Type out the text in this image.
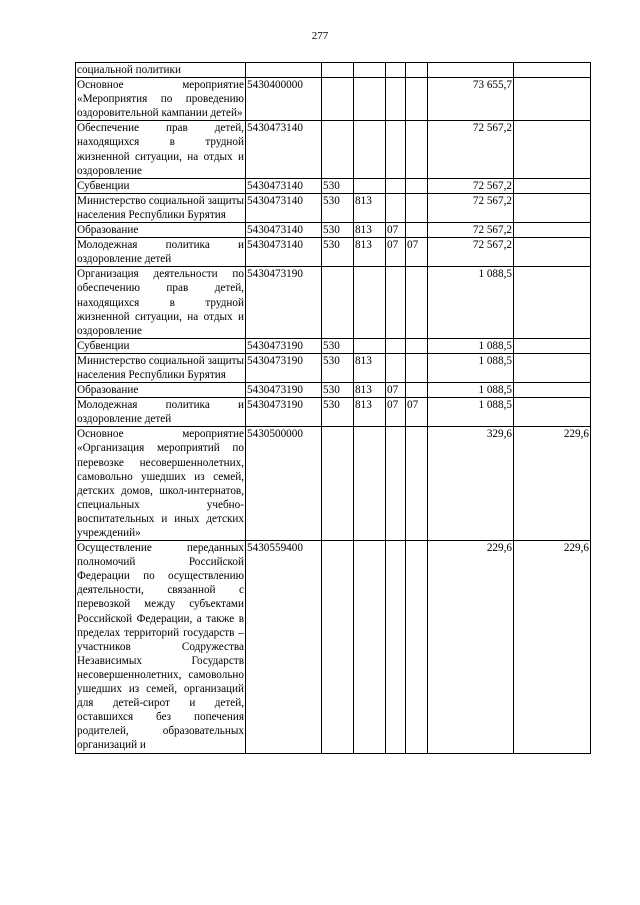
277
социальной политики							
Основное мероприятие «Мероприятия по проведению оздоровительной кампании детей»	5430400000					73 655,7	
Обеспечение прав детей, находящихся в трудной жизненной ситуации, на отдых и оздоровление	5430473140					72 567,2	
Субвенции	5430473140	530				72 567,2	
Министерство социальной защиты населения Республики Бурятия	5430473140	530	813			72 567,2	
Образование	5430473140	530	813	07		72 567,2	
Молодежная политика и оздоровление детей	5430473140	530	813	07	07	72 567,2	
Организация деятельности по обеспечению прав детей, находящихся в трудной жизненной ситуации, на отдых и оздоровление	5430473190					1 088,5	
Субвенции	5430473190	530				1 088,5	
Министерство социальной защиты населения Республики Бурятия	5430473190	530	813			1 088,5	
Образование	5430473190	530	813	07		1 088,5	
Молодежная политика и оздоровление детей	5430473190	530	813	07	07	1 088,5	
Основное мероприятие «Организация мероприятий по перевозке несовершеннолетних, самовольно ушедших из семей, детских домов, школ-интернатов, специальных учебно-воспитательных и иных детских учреждений»	5430500000					329,6	229,6
Осуществление переданных полномочий Российской Федерации по осуществлению деятельности, связанной с перевозкой между субъектами Российской Федерации, а также в пределах территорий государств – участников Содружества Независимых Государств несовершеннолетних, самовольно ушедших из семей, организаций для детей-сирот и детей, оставшихся без попечения родителей, образовательных организаций и	5430559400					229,6	229,6
